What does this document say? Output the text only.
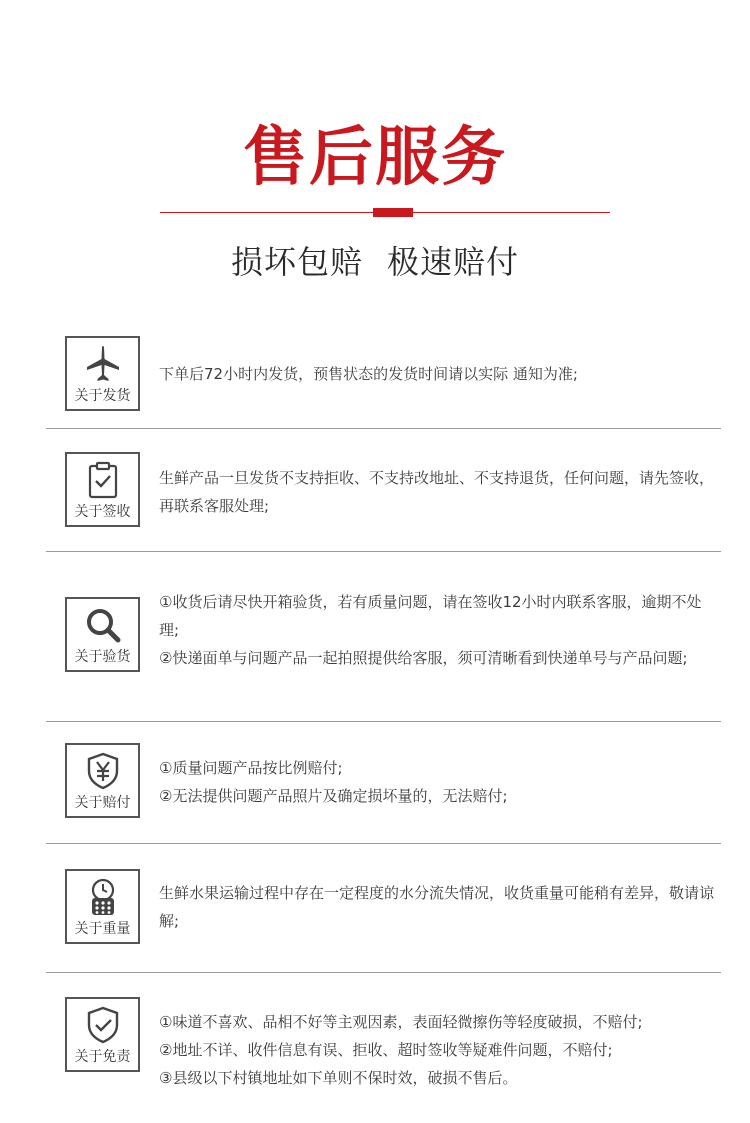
售后服务
损坏包赔 极速赔付
关于发货

下单后72小时内发货，预售状态的发货时间请以实际 通知为准;

关于签收

生鲜产品一旦发货不支持拒收、不支持改地址、不支持退货，任何问题，请先签收，再联系客服处理;

关于验货

①收货后请尽快开箱验货，若有质量问题，请在签收12小时内联系客服，逾期不处理;

②快递面单与问题产品一起拍照提供给客服，须可清晰看到快递单号与产品问题;

关于赔付

①质量问题产品按比例赔付;

②无法提供问题产品照片及确定损坏量的，无法赔付;

关于重量

生鲜水果运输过程中存在一定程度的水分流失情况，收货重量可能稍有差异，敬请谅解;

关于免责

①味道不喜欢、品相不好等主观因素，表面轻微擦伤等轻度破损，不赔付;

②地址不详、收件信息有误、拒收、超时签收等疑难件问题，不赔付;

③县级以下村镇地址如下单则不保时效，破损不售后。
